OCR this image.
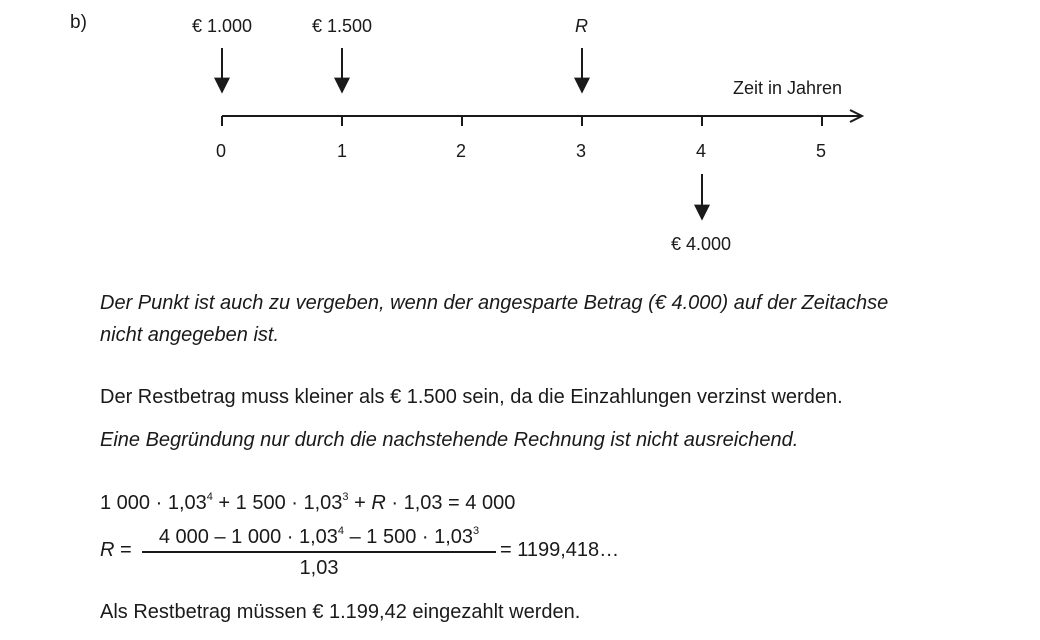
b)	€ 1.000	€ 1.500	R
Zeit in Jahren
0	1	2	3	4	5
€ 4.000
Der Punkt ist auch zu vergeben, wenn der angesparte Betrag (€ 4.000) auf der Zeitachse
nicht angegeben ist.
Der Restbetrag muss kleiner als € 1.500 sein, da die Einzahlungen verzinst werden.
Eine Begründung nur durch die nachstehende Rechnung ist nicht ausreichend.
1 $000 \cdot 1,03^4 + 1$ $500 \cdot 1,03^3 + R \cdot 1,03 = 4$ 000
R =
4 000 – 1 $000 \cdot 1,03^4 - 1$ $500 \cdot 1,03^3$
1,03
= 1199,418…
Als Restbetrag müssen € 1.199,42 eingezahlt werden.
